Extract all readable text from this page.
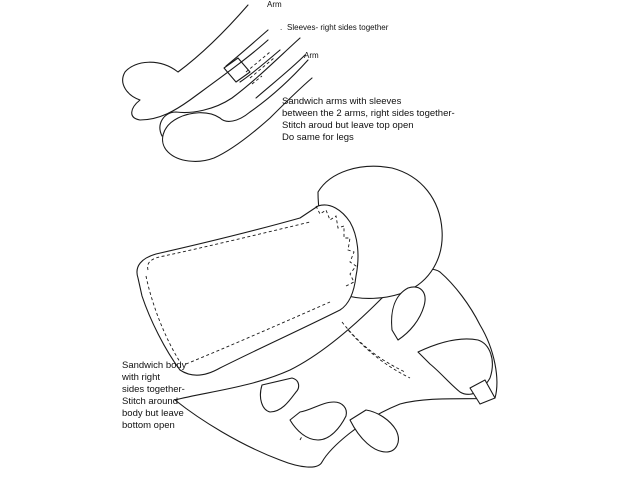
Arm
. Sleeves- right sides together
Arm
Sandwich arms with sleeves
between the 2 arms, right sides together-
Stitch aroud but leave top open
Do same for legs
Sandwich body
with right
sides together-
Stitch around
body but leave
bottom open
